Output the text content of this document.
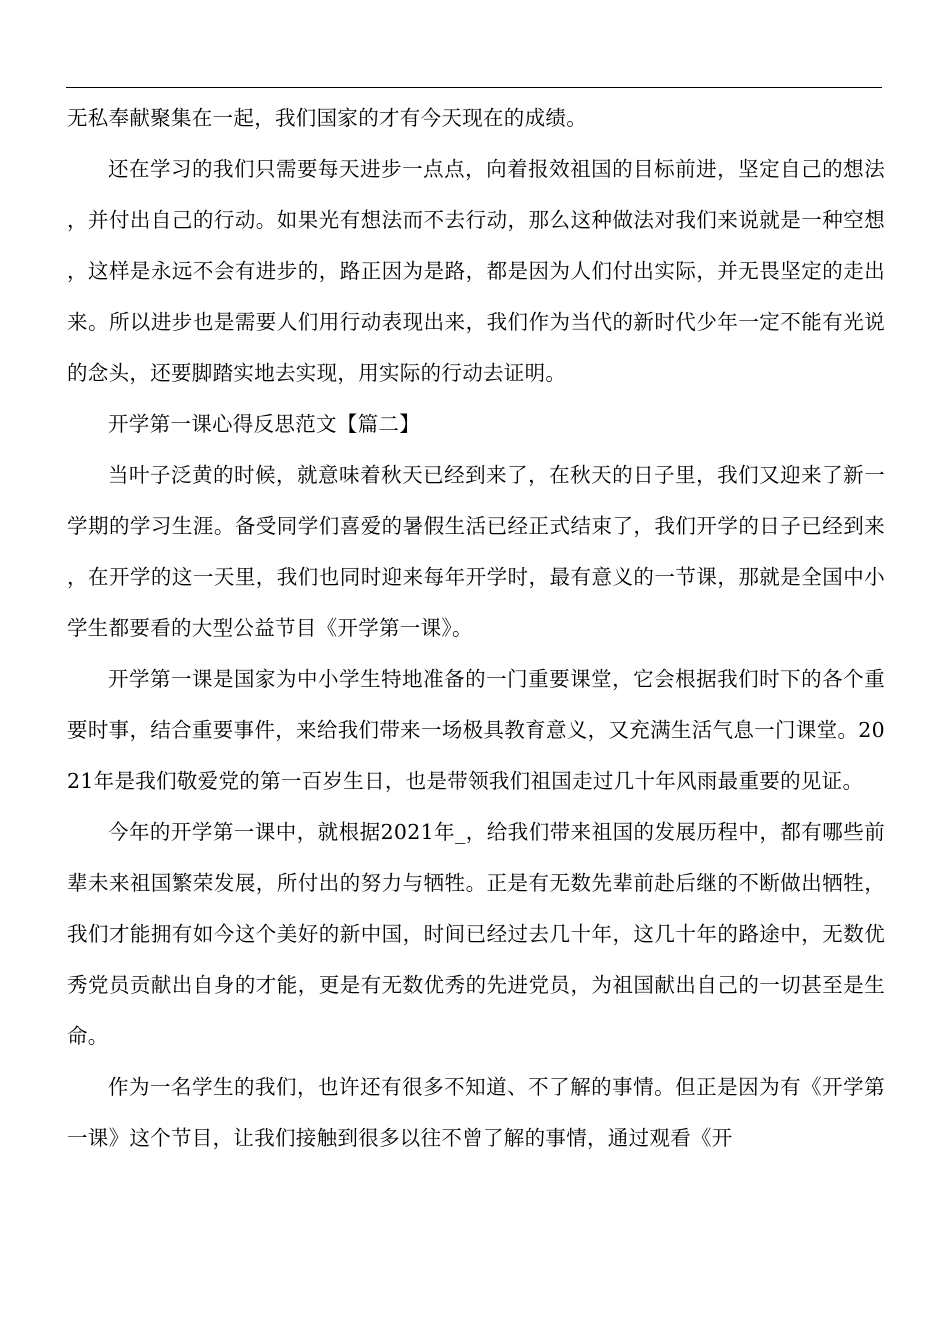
无私奉献聚集在一起，我们国家的才有今天现在的成绩。

还在学习的我们只需要每天进步一点点，向着报效祖国的目标前进，坚定自己的想法，并付出自己的行动。如果光有想法而不去行动，那么这种做法对我们来说就是一种空想，这样是永远不会有进步的，路正因为是路，都是因为人们付出实际，并无畏坚定的走出来。所以进步也是需要人们用行动表现出来，我们作为当代的新时代少年一定不能有光说的念头，还要脚踏实地去实现，用实际的行动去证明。

开学第一课心得反思范文【篇二】

当叶子泛黄的时候，就意味着秋天已经到来了，在秋天的日子里，我们又迎来了新一学期的学习生涯。备受同学们喜爱的暑假生活已经正式结束了，我们开学的日子已经到来，在开学的这一天里，我们也同时迎来每年开学时，最有意义的一节课，那就是全国中小学生都要看的大型公益节目《开学第一课》。

开学第一课是国家为中小学生特地准备的一门重要课堂，它会根据我们时下的各个重要时事，结合重要事件，来给我们带来一场极具教育意义，又充满生活气息一门课堂。2021年是我们敬爱党的第一百岁生日，也是带领我们祖国走过几十年风雨最重要的见证。

今年的开学第一课中，就根据2021年_，给我们带来祖国的发展历程中，都有哪些前辈未来祖国繁荣发展，所付出的努力与牺牲。正是有无数先辈前赴后继的不断做出牺牲，我们才能拥有如今这个美好的新中国，时间已经过去几十年，这几十年的路途中，无数优秀党员贡献出自身的才能，更是有无数优秀的先进党员，为祖国献出自己的一切甚至是生命。

作为一名学生的我们，也许还有很多不知道、不了解的事情。但正是因为有《开学第一课》这个节目，让我们接触到很多以往不曾了解的事情，通过观看《开
